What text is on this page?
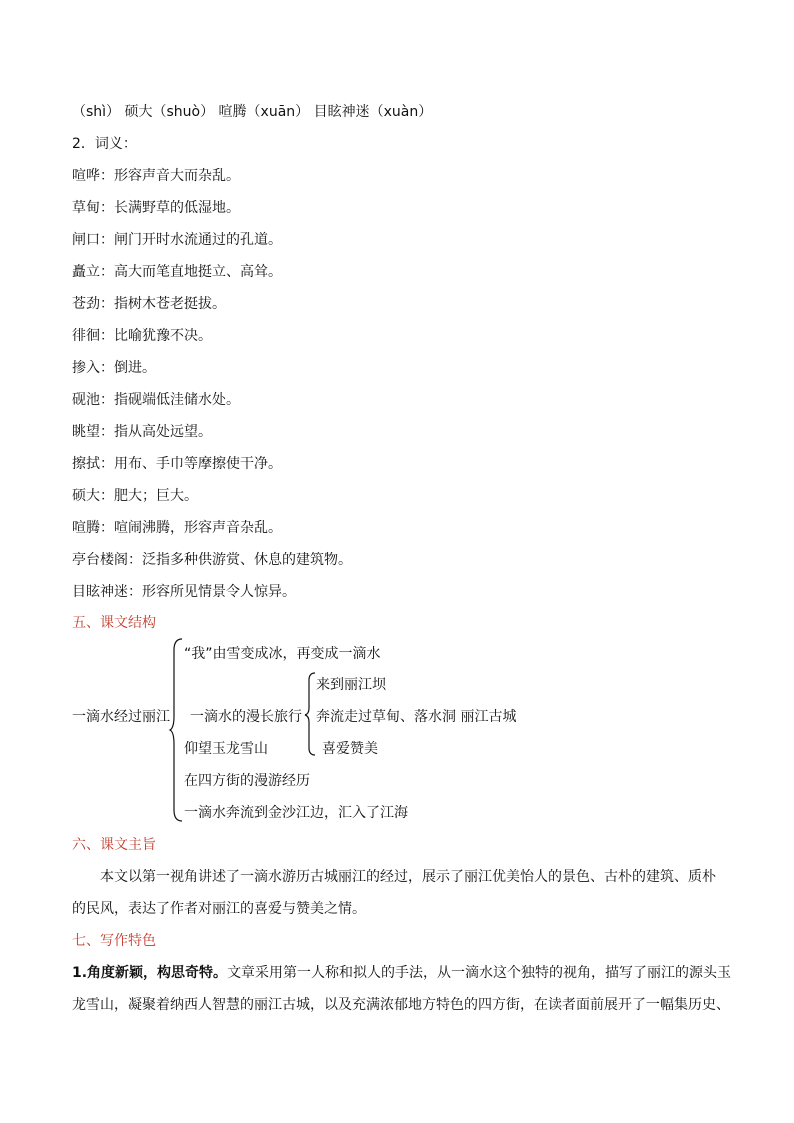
（shì） 硕大（shuò） 喧腾（xuān） 目眩神迷（xuàn）
2．词义：
喧哗：形容声音大而杂乱。
草甸：长满野草的低湿地。
闸口：闸门开时水流通过的孔道。
矗立：高大而笔直地挺立、高耸。
苍劲：指树木苍老挺拔。
徘徊：比喻犹豫不决。
掺入：倒进。
砚池：指砚端低洼储水处。
眺望：指从高处远望。
擦拭：用布、手巾等摩擦使干净。
硕大：肥大；巨大。
喧腾：喧闹沸腾，形容声音杂乱。
亭台楼阁：泛指多种供游赏、休息的建筑物。
目眩神迷：形容所见情景令人惊异。
五、课文结构
一滴水经过丽江
“我”由雪变成冰，再变成一滴水
一滴水的漫长旅行
仰望玉龙雪山
在四方街的漫游经历
一滴水奔流到金沙江边，汇入了江海
来到丽江坝
奔流走过草甸、落水洞 丽江古城
喜爱赞美
六、课文主旨
本文以第一视角讲述了一滴水游历古城丽江的经过，展示了丽江优美怡人的景色、古朴的建筑、质朴
的民风，表达了作者对丽江的喜爱与赞美之情。
七、写作特色
1.角度新颖，构思奇特。文章采用第一人称和拟人的手法，从一滴水这个独特的视角，描写了丽江的源头玉
龙雪山，凝聚着纳西人智慧的丽江古城，以及充满浓郁地方特色的四方街，在读者面前展开了一幅集历史、
